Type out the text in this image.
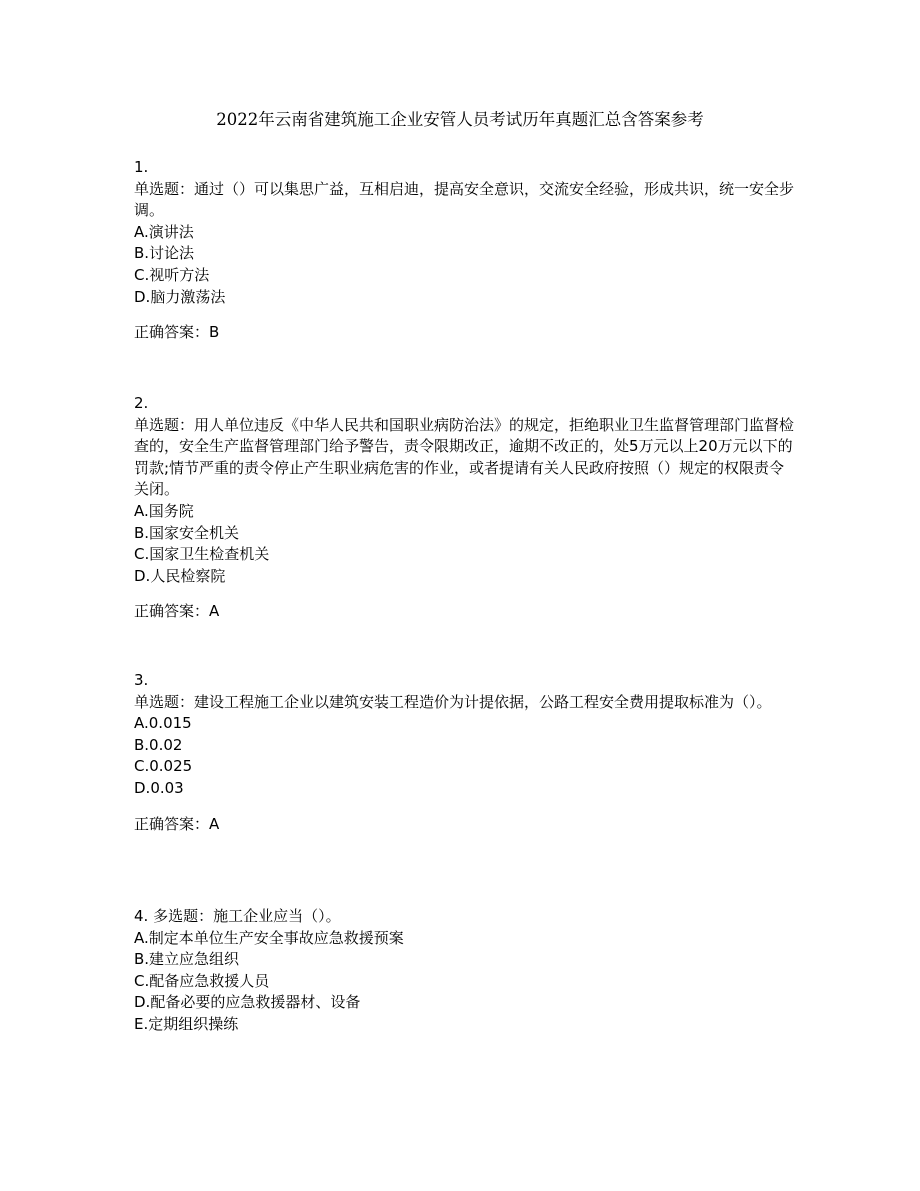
2022年云南省建筑施工企业安管人员考试历年真题汇总含答案参考
1.
单选题：通过（）可以集思广益，互相启迪，提高安全意识，交流安全经验，形成共识，统一安全步调。
A.演讲法
B.讨论法
C.视听方法
D.脑力激荡法
正确答案：B
2.
单选题：用人单位违反《中华人民共和国职业病防治法》的规定，拒绝职业卫生监督管理部门监督检查的，安全生产监督管理部门给予警告，责令限期改正，逾期不改正的，处5万元以上20万元以下的罚款;情节严重的责令停止产生职业病危害的作业，或者提请有关人民政府按照（）规定的权限责令关闭。
A.国务院
B.国家安全机关
C.国家卫生检查机关
D.人民检察院
正确答案：A
3.
单选题：建设工程施工企业以建筑安装工程造价为计提依据，公路工程安全费用提取标准为（）。
A.0.015
B.0.02
C.0.025
D.0.03
正确答案：A
4. 多选题：施工企业应当（）。
A.制定本单位生产安全事故应急救援预案
B.建立应急组织
C.配备应急救援人员
D.配备必要的应急救援器材、设备
E.定期组织操练
